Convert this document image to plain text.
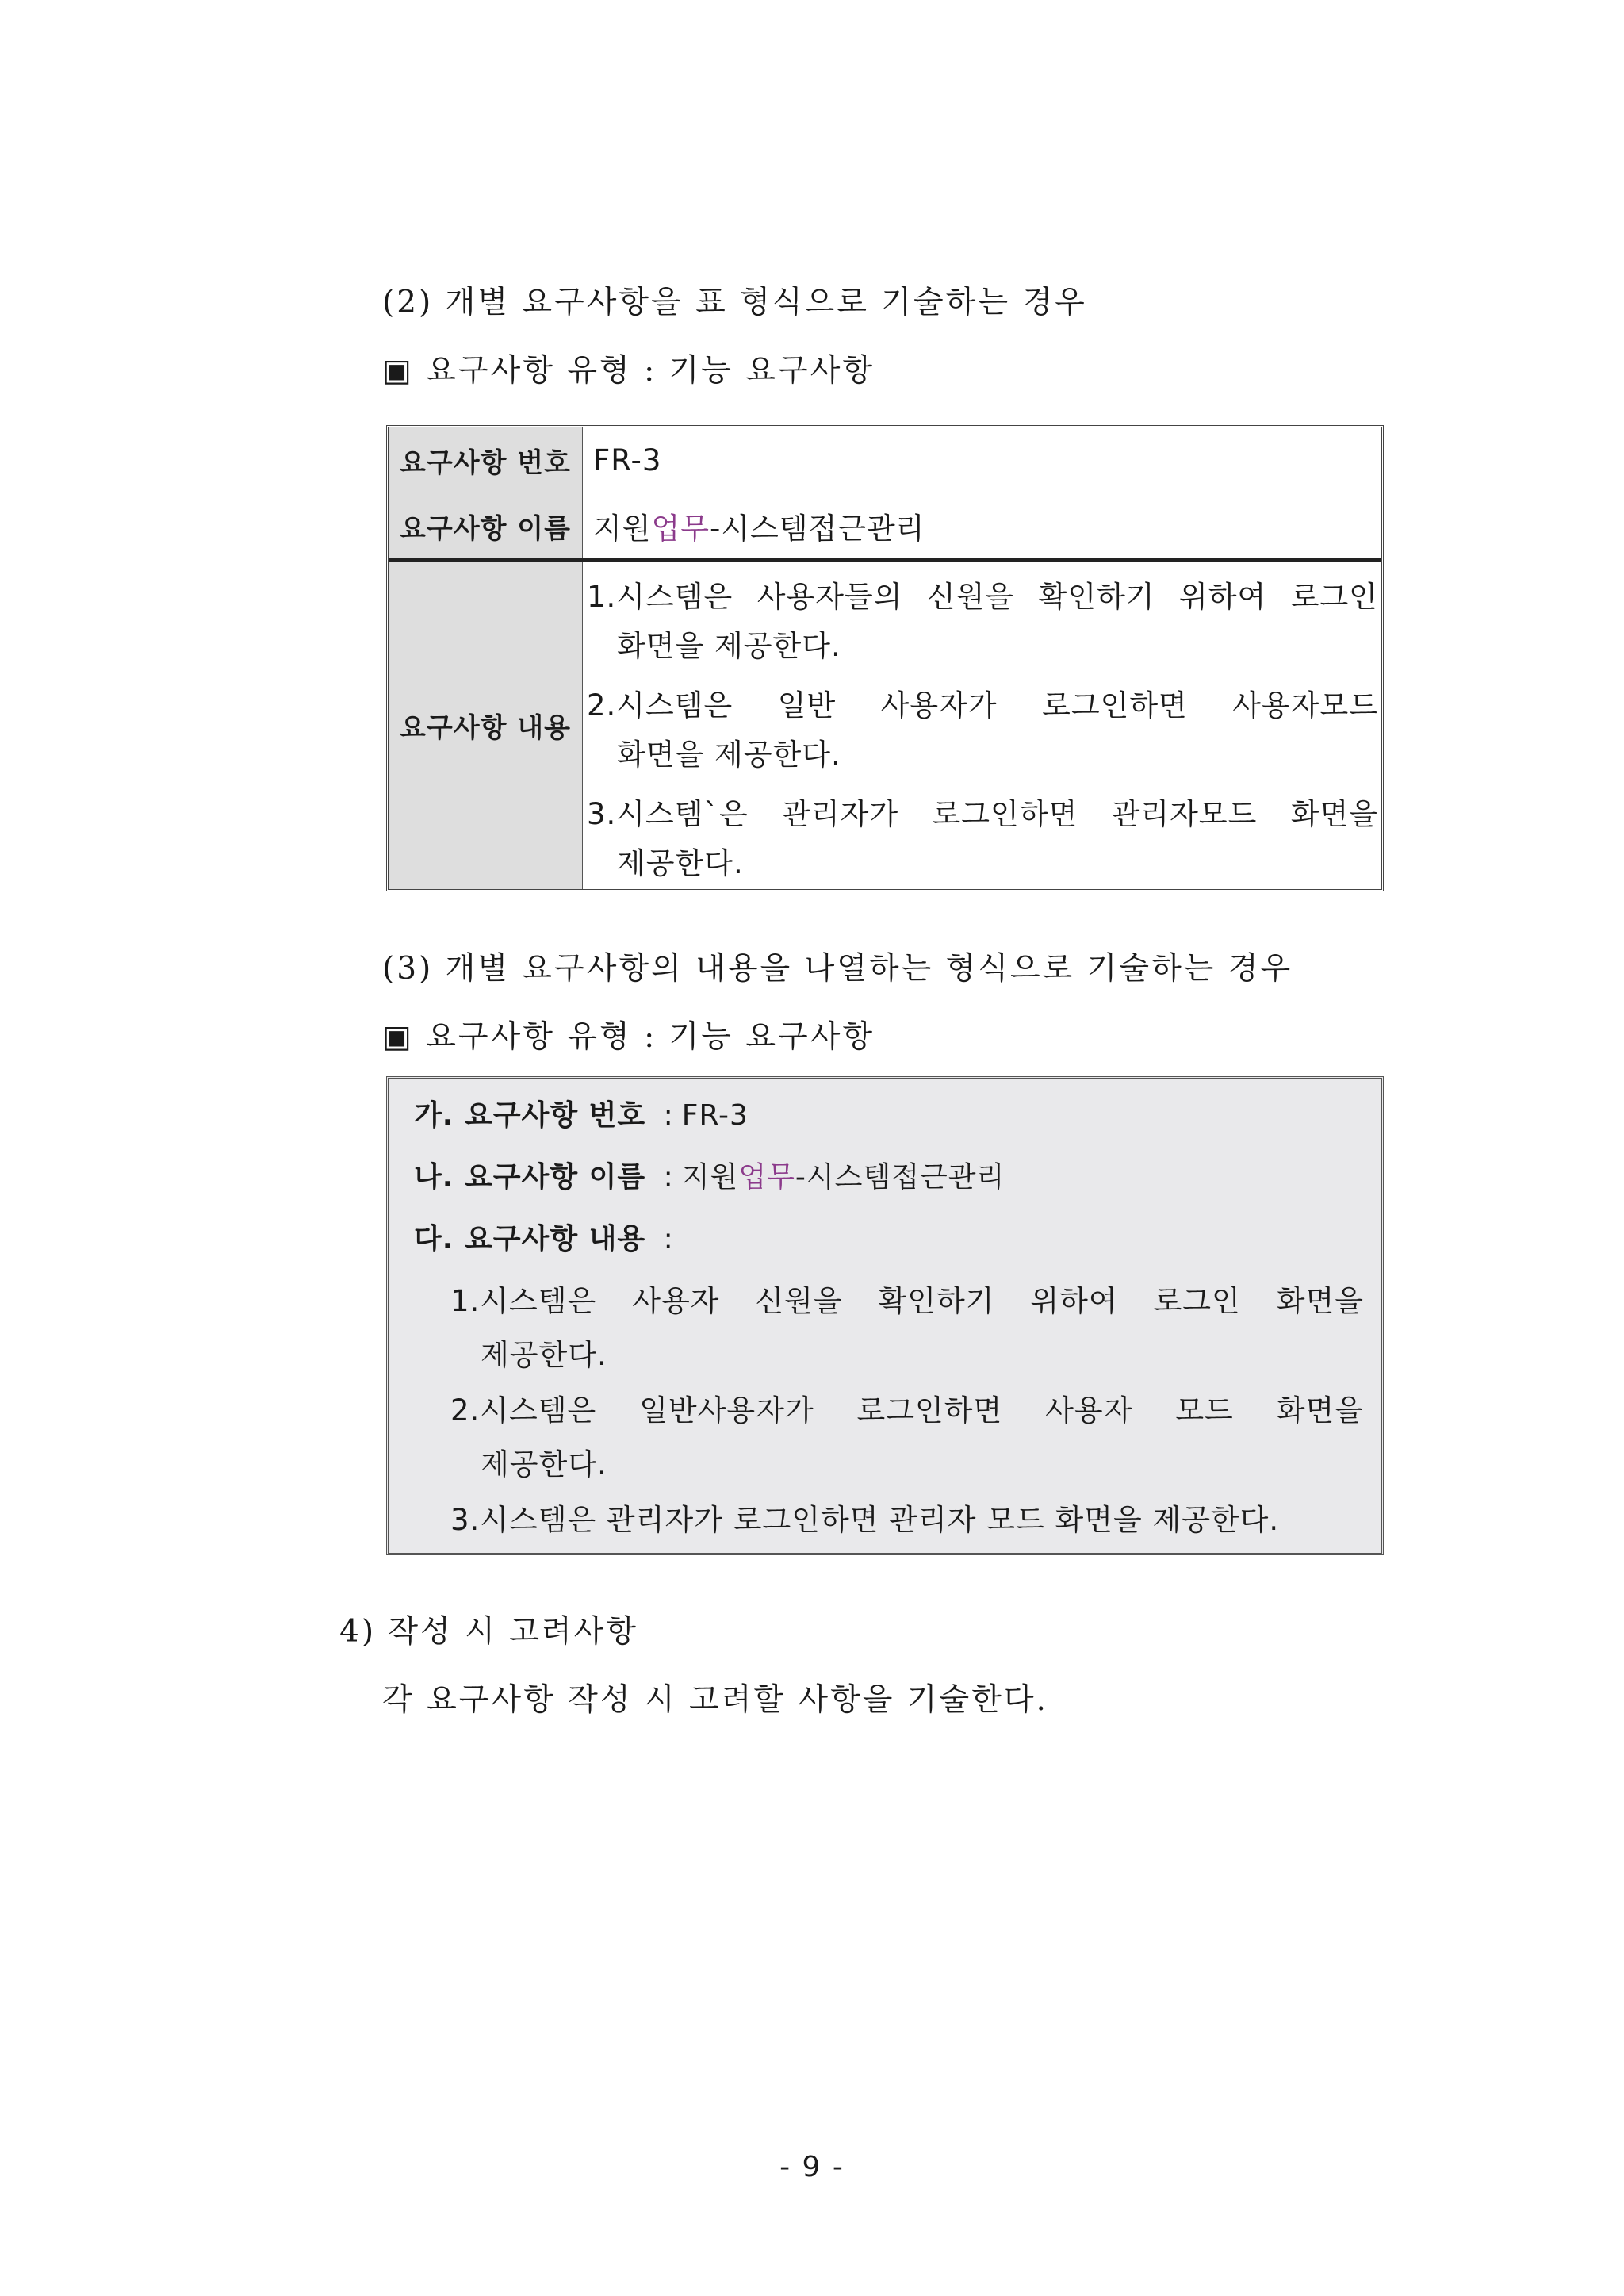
(2) 개별 요구사항을 표 형식으로 기술하는 경우
▣ 요구사항 유형 : 기능 요구사항
요구사항 번호 FR-3
요구사항 이름 지원 업무 -시스템접근관리
요구사항 내용
1.시스템은 사용자들의 신원을 확인하기 위하여 로그인
화면을 제공한다.
2.시스템은 일반 사용자가 로그인하면 사용자모드
화면을 제공한다.
3.시스템`은 관리자가 로그인하면 관리자모드 화면을
제공한다.
(3) 개별 요구사항의 내용을 나열하는 형식으로 기술하는 경우
▣ 요구사항 유형 : 기능 요구사항
가. 요구사항 번호 : FR-3
나. 요구사항 이름 : 지원업무-시스템접근관리
다. 요구사항 내용 :
1.시스템은 사용자 신원을 확인하기 위하여 로그인 화면을
제공한다.
2.시스템은 일반사용자가 로그인하면 사용자 모드 화면을
제공한다.
3.시스템은 관리자가 로그인하면 관리자 모드 화면을 제공한다.
4) 작성 시 고려사항
각 요구사항 작성 시 고려할 사항을 기술한다.
- 9 -
